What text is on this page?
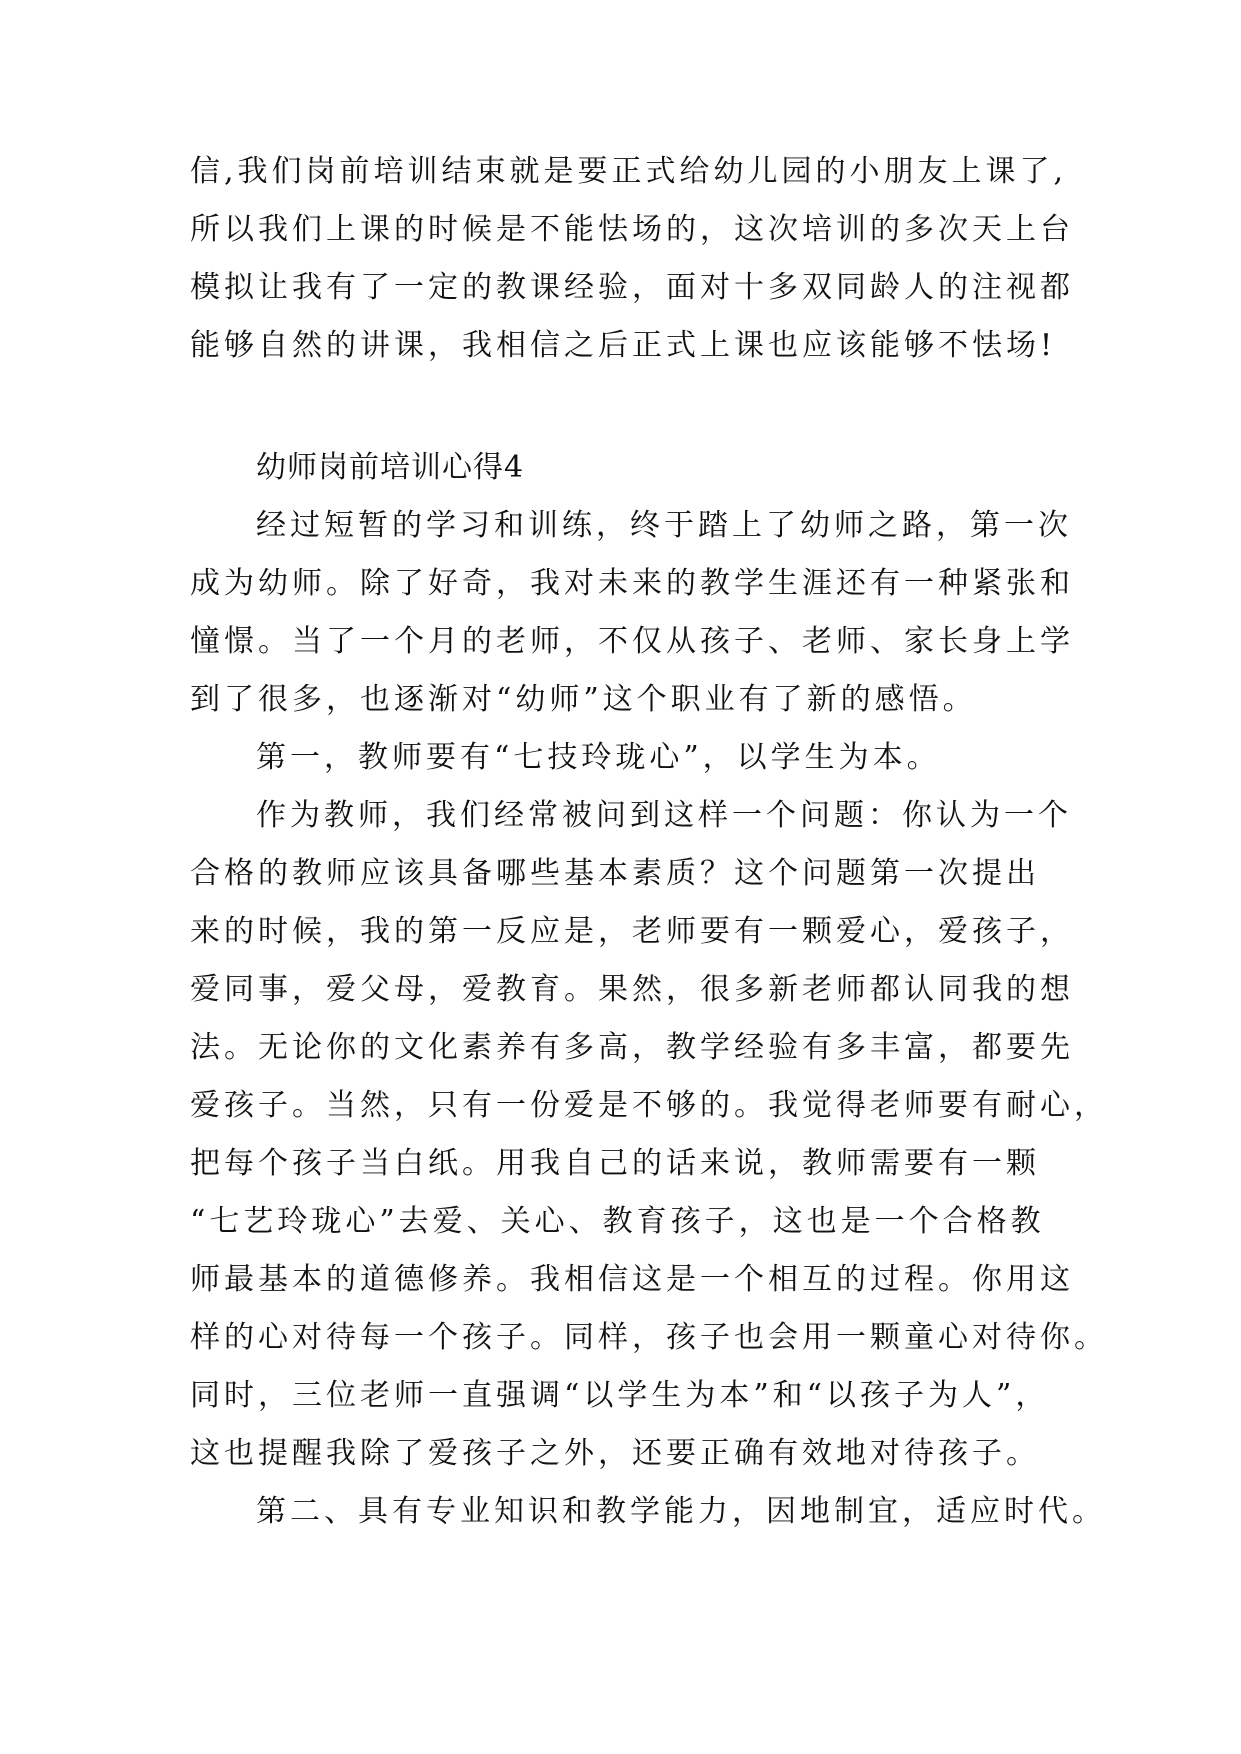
信,我们岗前培训结束就是要正式给幼儿园的小朋友上课了,
所以我们上课的时候是不能怯场的，这次培训的多次天上台
模拟让我有了一定的教课经验，面对十多双同龄人的注视都
能够自然的讲课，我相信之后正式上课也应该能够不怯场!
幼师岗前培训心得4
经过短暂的学习和训练，终于踏上了幼师之路，第一次
成为幼师。除了好奇，我对未来的教学生涯还有一种紧张和
憧憬。当了一个月的老师，不仅从孩子、老师、家长身上学
到了很多，也逐渐对“幼师”这个职业有了新的感悟。
第一，教师要有“七技玲珑心”，以学生为本。
作为教师，我们经常被问到这样一个问题：你认为一个
合格的教师应该具备哪些基本素质？这个问题第一次提出
来的时候，我的第一反应是，老师要有一颗爱心，爱孩子，
爱同事，爱父母，爱教育。果然，很多新老师都认同我的想
法。无论你的文化素养有多高，教学经验有多丰富，都要先
爱孩子。当然，只有一份爱是不够的。我觉得老师要有耐心，
把每个孩子当白纸。用我自己的话来说，教师需要有一颗
“七艺玲珑心”去爱、关心、教育孩子，这也是一个合格教
师最基本的道德修养。我相信这是一个相互的过程。你用这
样的心对待每一个孩子。同样，孩子也会用一颗童心对待你。
同时，三位老师一直强调“以学生为本”和“以孩子为人”，
这也提醒我除了爱孩子之外，还要正确有效地对待孩子。
第二、具有专业知识和教学能力，因地制宜，适应时代。
